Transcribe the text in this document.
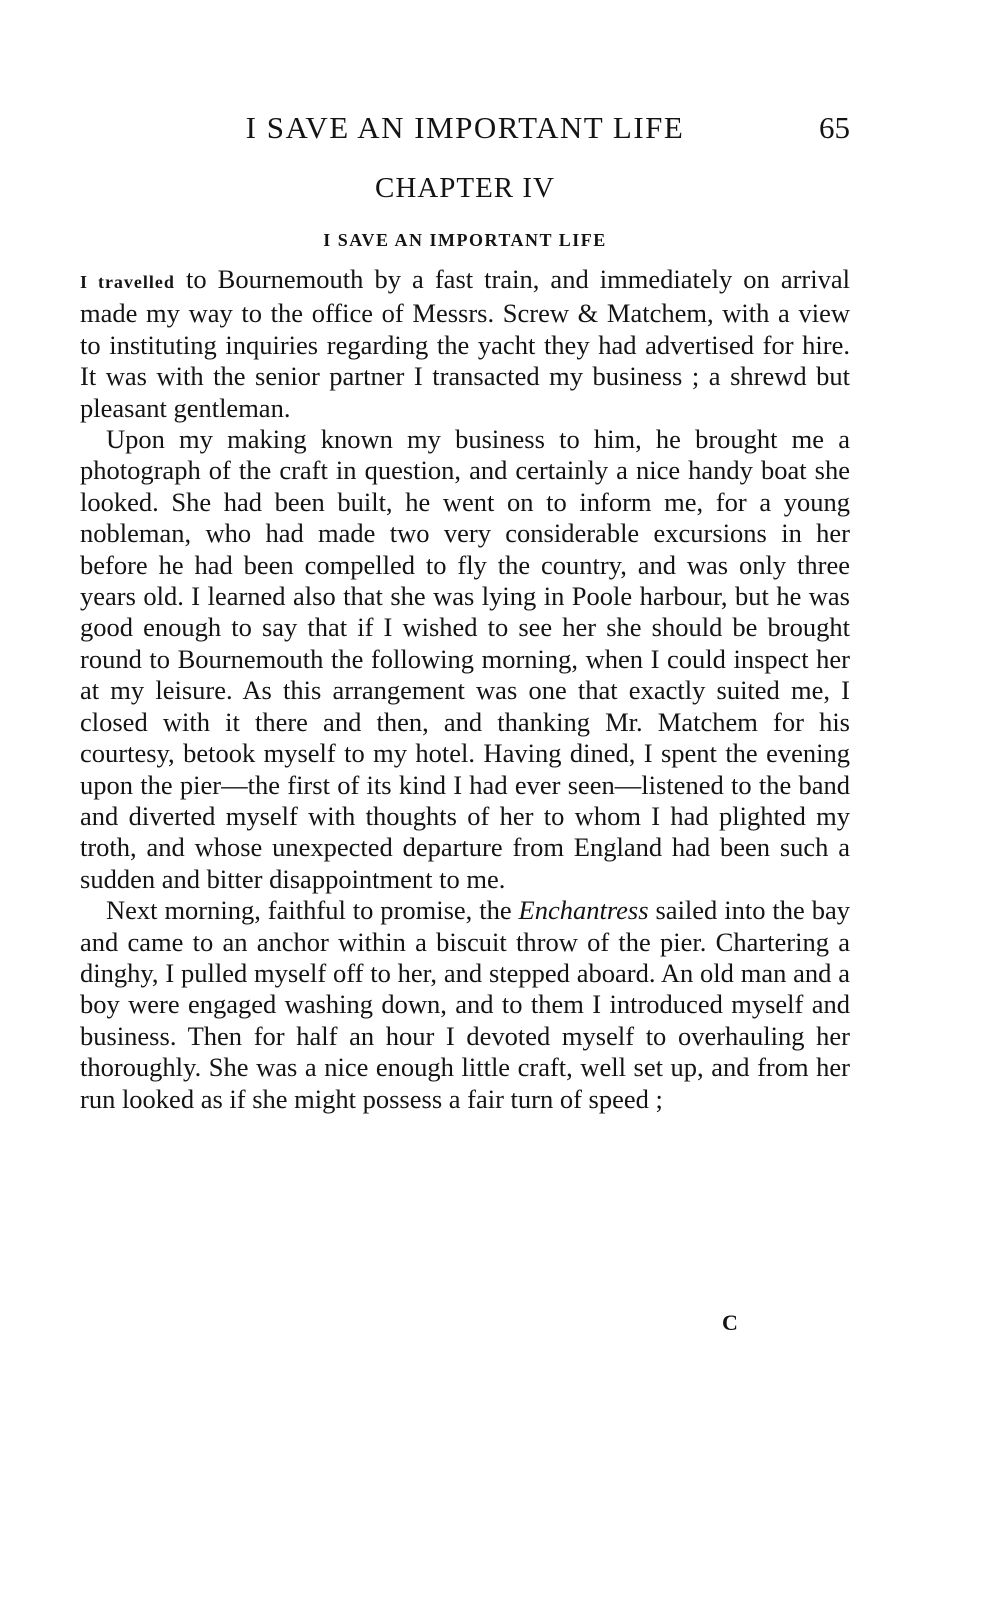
I SAVE AN IMPORTANT LIFE	65
CHAPTER IV
I SAVE AN IMPORTANT LIFE

I travelled to Bournemouth by a fast train, and immediately on arrival made my way to the office of Messrs. Screw & Matchem, with a view to instituting inquiries regarding the yacht they had advertised for hire. It was with the senior partner I transacted my business ; a shrewd but pleasant gentleman.

Upon my making known my business to him, he brought me a photograph of the craft in question, and certainly a nice handy boat she looked. She had been built, he went on to inform me, for a young nobleman, who had made two very considerable excursions in her before he had been compelled to fly the country, and was only three years old. I learned also that she was lying in Poole harbour, but he was good enough to say that if I wished to see her she should be brought round to Bournemouth the following morning, when I could inspect her at my leisure. As this arrangement was one that exactly suited me, I closed with it there and then, and thanking Mr. Matchem for his courtesy, betook myself to my hotel. Having dined, I spent the evening upon the pier—the first of its kind I had ever seen—listened to the band and diverted myself with thoughts of her to whom I had plighted my troth, and whose unexpected departure from England had been such a sudden and bitter disappointment to me.

Next morning, faithful to promise, the Enchantress sailed into the bay and came to an anchor within a biscuit throw of the pier. Chartering a dinghy, I pulled myself off to her, and stepped aboard. An old man and a boy were engaged washing down, and to them I introduced myself and business. Then for half an hour I devoted myself to overhauling her thoroughly. She was a nice enough little craft, well set up, and from her run looked as if she might possess a fair turn of speed ;

C
